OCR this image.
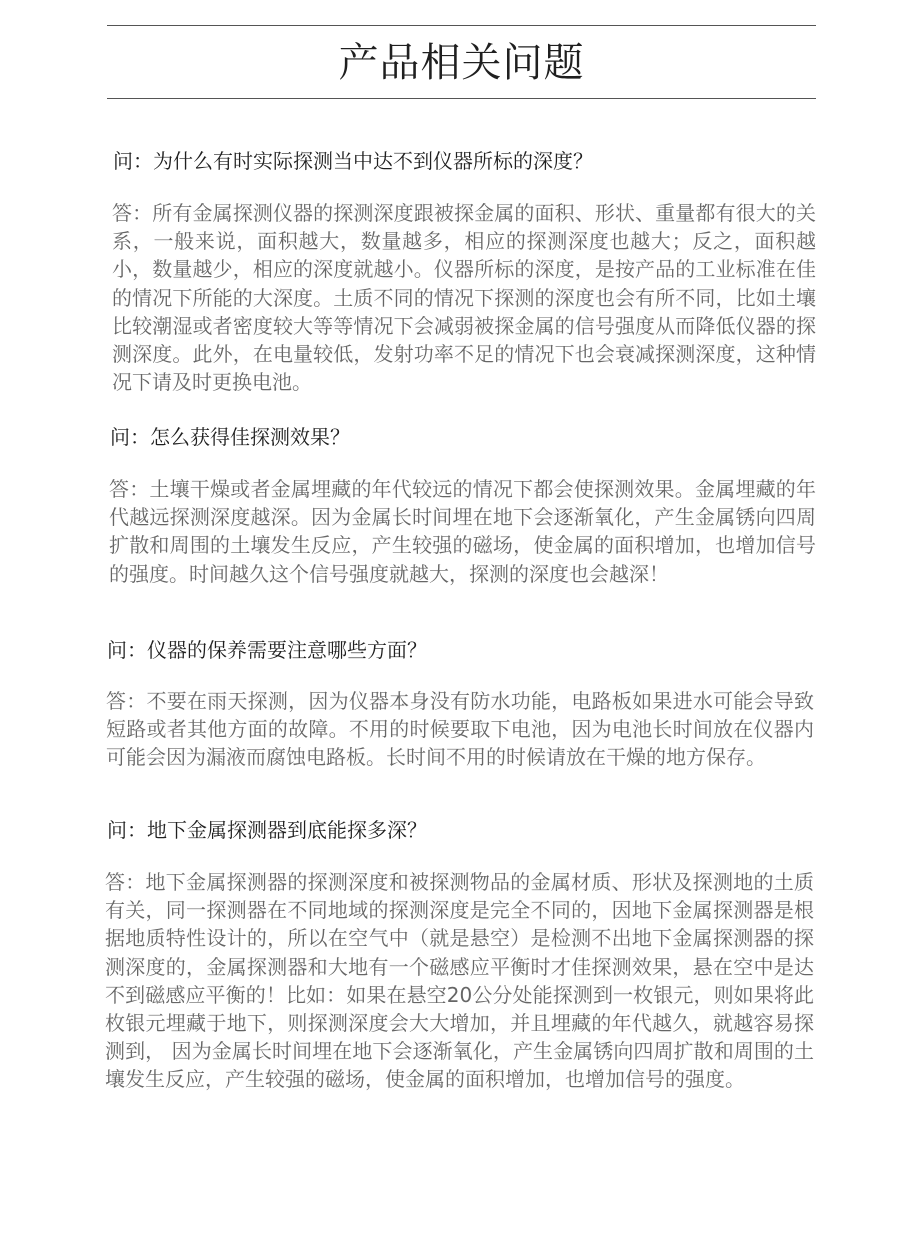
产品相关问题
问：为什么有时实际探测当中达不到仪器所标的深度？

答：所有金属探测仪器的探测深度跟被探金属的面积、形状、重量都有很大的关系，一般来说，面积越大，数量越多，相应的探测深度也越大；反之，面积越小，数量越少，相应的深度就越小。仪器所标的深度，是按产品的工业标准在佳的情况下所能的大深度。土质不同的情况下探测的深度也会有所不同，比如土壤比较潮湿或者密度较大等等情况下会减弱被探金属的信号强度从而降低仪器的探测深度。此外，在电量较低，发射功率不足的情况下也会衰减探测深度，这种情况下请及时更换电池。

问：怎么获得佳探测效果？

答：土壤干燥或者金属埋藏的年代较远的情况下都会使探测效果。金属埋藏的年代越远探测深度越深。因为金属长时间埋在地下会逐渐氧化，产生金属锈向四周扩散和周围的土壤发生反应，产生较强的磁场，使金属的面积增加，也增加信号的强度。时间越久这个信号强度就越大，探测的深度也会越深！

问：仪器的保养需要注意哪些方面？

答：不要在雨天探测，因为仪器本身没有防水功能，电路板如果进水可能会导致短路或者其他方面的故障。不用的时候要取下电池，因为电池长时间放在仪器内可能会因为漏液而腐蚀电路板。长时间不用的时候请放在干燥的地方保存。

问：地下金属探测器到底能探多深？

答：地下金属探测器的探测深度和被探测物品的金属材质、形状及探测地的土质有关，同一探测器在不同地域的探测深度是完全不同的，因地下金属探测器是根据地质特性设计的，所以在空气中（就是悬空）是检测不出地下金属探测器的探测深度的，金属探测器和大地有一个磁感应平衡时才佳探测效果，悬在空中是达不到磁感应平衡的！比如：如果在悬空20公分处能探测到一枚银元，则如果将此枚银元埋藏于地下，则探测深度会大大增加，并且埋藏的年代越久，就越容易探测到， 因为金属长时间埋在地下会逐渐氧化，产生金属锈向四周扩散和周围的土壤发生反应，产生较强的磁场，使金属的面积增加，也增加信号的强度。
